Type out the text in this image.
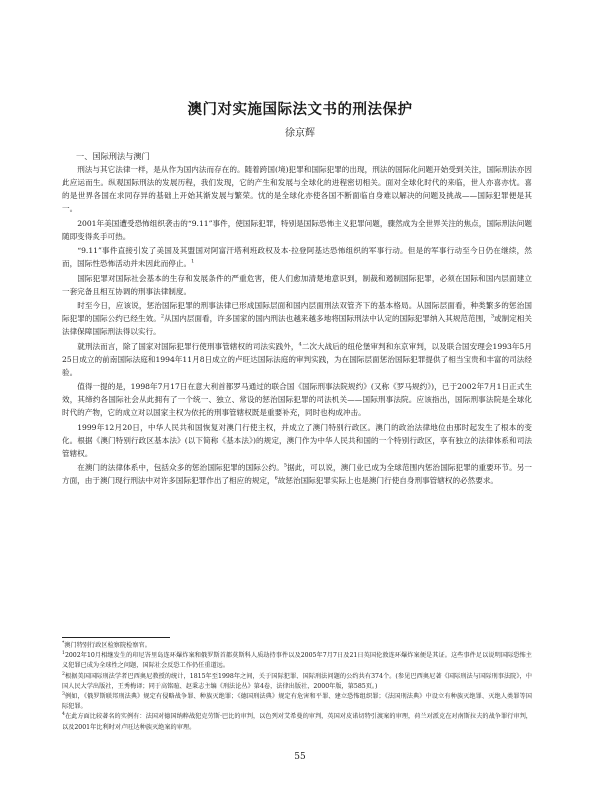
澳门对实施国际法文书的刑法保护
徐京辉

一、国际刑法与澳门

刑法与其它法律一样，是从作为国内法而存在的。随着跨国(境)犯罪和国际犯罪的出现，刑法的国际化问题开始受到关注，国际刑法亦因此应运而生。纵观国际刑法的发展历程，我们发现，它的产生和发展与全球化的进程密切相关。面对全球化时代的来临，世人亦喜亦忧。喜的是世界各国在求同存异的基础上开始其渐发展与繁荣。忧的是全球化亦使各国不断面临自身难以解决的问题及挑战——国际犯罪便是其一。

2001年美国遭受恐怖组织袭击的“9.11”事件，使国际犯罪，特别是国际恐怖主义犯罪问题，骤然成为全世界关注的焦点，国际刑法问题随即变得炙手可热。

“9.11”事件直接引发了美国及其盟国对阿富汗塔利班政权及本·拉登阿基达恐怖组织的军事行动。但是的军事行动至今日仍在继续，然而，国际性恐怖活动并未因此而停止。$^1$

国际犯罪对国际社会基本的生存和发展条件的严重危害，使人们愈加清楚地意识到，制裁和遏制国际犯罪，必须在国际和国内层面建立一套完备且相互协调的刑事法律制度。

时至今日，应该说，惩治国际犯罪的刑事法律已形成国际层面和国内层面刑法双管齐下的基本格局。从国际层面看，种类繁多的惩治国际犯罪的国际公约已经生效。$^2$从国内层面看，许多国家的国内刑法也越来越多地将国际刑法中认定的国际犯罪纳入其规范范围，$^3$或制定相关法律保障国际刑法得以实行。

就刑法而言，除了国家对国际犯罪行使刑事管辖权的司法实践外，$^4$二次大战后的纽伦堡审判和东京审判，以及联合国安理会1993年5月25日成立的前南国际法庭和1994年11月8日成立的卢旺达国际法庭的审判实践，为在国际层面惩治国际犯罪提供了相当宝贵和丰富的司法经验。

值得一提的是，1998年7月17日在意大利首都罗马通过的联合国《国际刑事法院规约》(又称《罗马规约》)，已于2002年7月1日正式生效，其缔约各国际社会从此拥有了一个统一、独立、常设的惩治国际犯罪的司法机关——国际刑事法院。应该指出，国际刑事法院是全球化时代的产物，它的成立对以国家主权为依托的刑事管辖权既是重要补充，同时也构成冲击。

1999年12月20日，中华人民共和国恢复对澳门行使主权，并成立了澳门特别行政区。澳门的政治法律地位由那时起发生了根本的变化。根据《澳门特别行政区基本法》(以下简称《基本法》)的规定，澳门作为中华人民共和国的一个特别行政区，享有独立的法律体系和司法管辖权。

在澳门的法律体系中，包括众多的惩治国际犯罪的国际公约。$^5$据此，可以说，澳门业已成为全球范围内惩治国际犯罪的重要环节。另一方面，由于澳门现行刑法中对许多国际犯罪作出了相应的规定，$^6$故惩治国际犯罪实际上也是澳门行使自身刑事管辖权的必然要求。

*澳门特别行政区检察院检察官。

$^1$2002年10月相继发生的印尼峇里岛连环爆炸案和俄罗斯首都莫斯科人质劫持事件以及2005年7月7日及21日英国伦敦连环爆炸案便是其证。这些事件足以说明国际恐怖主义犯罪已成为全球性之问题，国际社会反恐工作仍任重道远。

$^2$根据美国国际刑法学者巴西奥尼教授的统计，1815年至1998年之间，关于国际犯罪、国际刑法问题的公约共有374个。(参见巴西奥尼著《国际刑法与国际刑事法院》，中国人民大学出版社，王秀梅译；同于高铭暄、赵秉志主编《刑法论丛》第4卷，法律出版社，2000年版，第585页。)

$^3$例如，《俄罗斯联邦刑法典》规定有侵略战争罪、种族灭绝罪；《德国刑法典》规定有危害和平罪、建立恐怖组织罪；《法国刑法典》中设立有种族灭绝罪、灭绝人类罪等国际犯罪。

$^4$在此方面比较著名的实例有：法国对德国纳粹战犯克劳斯·巴比的审判，以色列对艾希曼的审判，英国对皮诺切特引渡案的审理，荷兰对派克在对南斯拉夫的战争罪行审判，以及2001年比利时对卢旺达种族灭绝案的审理。

55
